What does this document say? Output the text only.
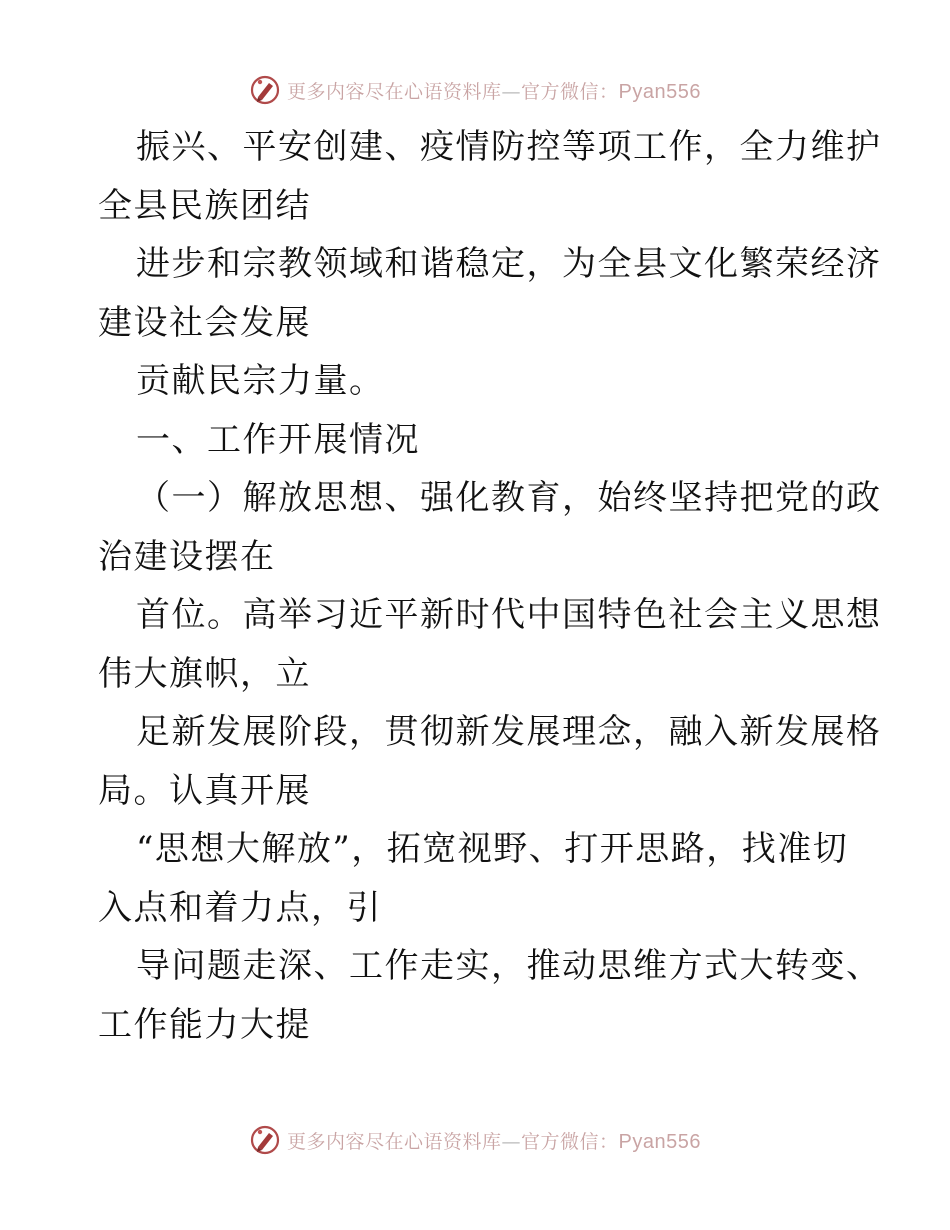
更多内容尽在心语资料库—官方微信：Pyan556
振兴、平安创建、疫情防控等项工作，全力维护
全县民族团结
进步和宗教领域和谐稳定，为全县文化繁荣经济
建设社会发展
贡献民宗力量。
一、工作开展情况
（一）解放思想、强化教育，始终坚持把党的政
治建设摆在
首位。高举习近平新时代中国特色社会主义思想
伟大旗帜，立
足新发展阶段，贯彻新发展理念，融入新发展格
局。认真开展
“思想大解放”，拓宽视野、打开思路，找准切
入点和着力点，引
导问题走深、工作走实，推动思维方式大转变、
工作能力大提
更多内容尽在心语资料库—官方微信：Pyan556
